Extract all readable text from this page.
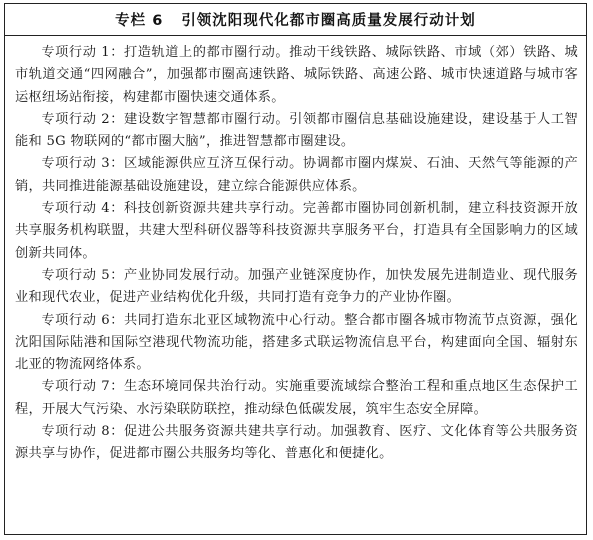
专栏 6 引领沈阳现代化都市圈高质量发展行动计划

专项行动 1：打造轨道上的都市圈行动。推动干线铁路、城际铁路、市域（郊）铁路、城市轨道交通“四网融合”，加强都市圈高速铁路、城际铁路、高速公路、城市快速道路与城市客运枢纽场站衔接，构建都市圈快速交通体系。

专项行动 2：建设数字智慧都市圈行动。引领都市圈信息基础设施建设，建设基于人工智能和 5G 物联网的“都市圈大脑”，推进智慧都市圈建设。

专项行动 3：区域能源供应互济互保行动。协调都市圈内煤炭、石油、天然气等能源的产销，共同推进能源基础设施建设，建立综合能源供应体系。

专项行动 4：科技创新资源共建共享行动。完善都市圈协同创新机制，建立科技资源开放共享服务机构联盟，共建大型科研仪器等科技资源共享服务平台，打造具有全国影响力的区域创新共同体。

专项行动 5：产业协同发展行动。加强产业链深度协作，加快发展先进制造业、现代服务业和现代农业，促进产业结构优化升级，共同打造有竞争力的产业协作圈。

专项行动 6：共同打造东北亚区域物流中心行动。整合都市圈各城市物流节点资源，强化沈阳国际陆港和国际空港现代物流功能，搭建多式联运物流信息平台，构建面向全国、辐射东北亚的物流网络体系。

专项行动 7：生态环境同保共治行动。实施重要流域综合整治工程和重点地区生态保护工程，开展大气污染、水污染联防联控，推动绿色低碳发展，筑牢生态安全屏障。

专项行动 8：促进公共服务资源共建共享行动。加强教育、医疗、文化体育等公共服务资源共享与协作，促进都市圈公共服务均等化、普惠化和便捷化。
